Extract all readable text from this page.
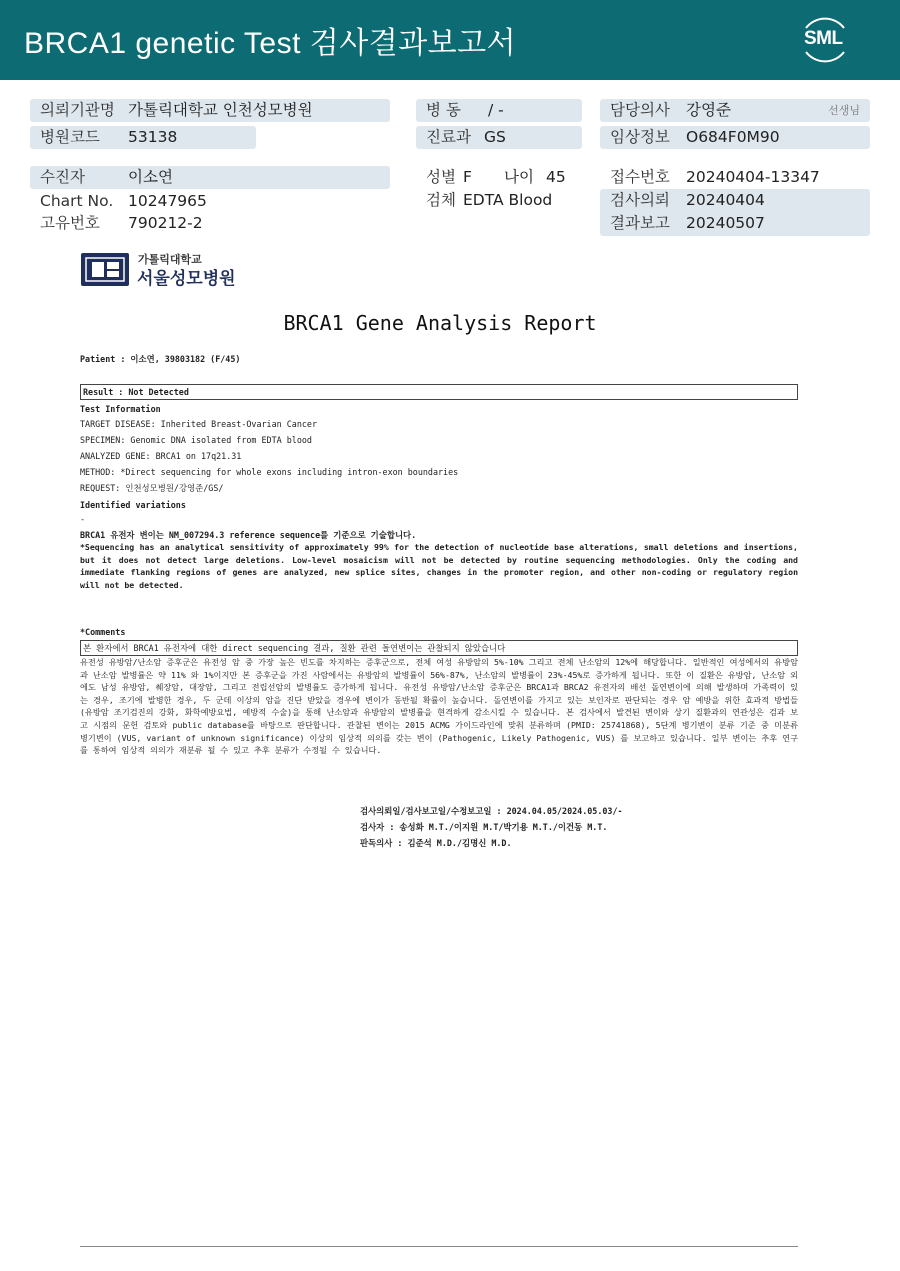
BRCA1 genetic Test 검사결과보고서	SML
의뢰기관명 가톨릭대학교 인천성모병원
병원코드 53138
수진자	이소연
Chart No. 10247965
고유번호 790212-2
병 동 / -
진료과 GS
성별 F 나이 45
검체 EDTA Blood
담당의사 강영준	선생님
임상정보 O684F0M90
접수번호 20240404-13347
검사의뢰 20240404
결과보고 20240507
가톨릭대학교
서울성모병원
BRCA1 Gene Analysis Report
Patient : 이소연, 39803182 (F/45)
Result : Not Detected
Test Information
TARGET DISEASE: Inherited Breast-Ovarian Cancer
SPECIMEN: Genomic DNA isolated from EDTA blood
ANALYZED GENE: BRCA1 on 17q21.31
METHOD: *Direct sequencing for whole exons including intron-exon boundaries
REQUEST: 인천성모병원/강영준/GS/
Identified variations
-
BRCA1 유전자 변이는 NM_007294.3 reference sequence를 기준으로 기술합니다.
*Sequencing has an analytical sensitivity of approximately 99% for the detection of nucleotide base alterations, small deletions and insertions, but it does not detect large deletions. Low-level mosaicism will not be detected by routine sequencing methodologies. Only the coding and immediate flanking regions of genes are analyzed, new splice sites, changes in the promoter region, and other non-coding or regulatory region will not be detected.
*Comments
본 환자에서 BRCA1 유전자에 대한 direct sequencing 결과, 질환 관련 돌연변이는 관찰되지 않았습니다
유전성 유방암/난소암 증후군은 유전성 암 중 가장 높은 빈도를 차지하는 증후군으로, 전체 여성 유방암의 5%-10% 그리고 전체 난소암의 12%에 해당합니다. 일반적인 여성에서의 유방암과 난소암 발병률은 약 11% 와 1%이지만 본 증후군을 가진 사람에서는 유방암의 발병률이 56%-87%, 난소암의 발병률이 23%-45%로 증가하게 됩니다. 또한 이 질환은 유방암, 난소암 외에도 남성 유방암, 췌장암, 대장암, 그리고 전립선암의 발병률도 증가하게 됩니다. 유전성 유방암/난소암 증후군은 BRCA1과 BRCA2 유전자의 배선 돌연변이에 의해 발생하며 가족력이 있는 경우, 조기에 발병한 경우, 두 군데 이상의 암을 진단 받았을 경우에 변이가 동반될 확률이 높습니다. 돌연변이를 가지고 있는 보인자로 판단되는 경우 암 예방을 위한 효과적 방법들(유방암 조기검진의 강화, 화학예방요법, 예방적 수술)을 통해 난소암과 유방암의 발병률을 현격하게 감소시킬 수 있습니다. 본 검사에서 발견된 변이와 상기 질환과의 연관성은 검과 보고 시점의 문헌 검토와 public database를 바탕으로 판단합니다. 관찰된 변이는 2015 ACMG 가이드라인에 맞춰 분류하며 (PMID: 25741868), 5단계 병기변이 분류 기준 중 미분류 병기변이 (VUS, variant of unknown significance) 이상의 임상적 의의를 갖는 변이 (Pathogenic, Likely Pathogenic, VUS) 를 보고하고 있습니다. 일부 변이는 추후 연구를 통하여 임상적 의의가 재분류 될 수 있고 추후 분류가 수정될 수 있습니다.
검사의뢰일/검사보고일/수정보고일 : 2024.04.05/2024.05.03/-
검사자 : 송성화 M.T./이지원 M.T/박기용 M.T./이건동 M.T.
판독의사 : 김준석 M.D./김명신 M.D.
